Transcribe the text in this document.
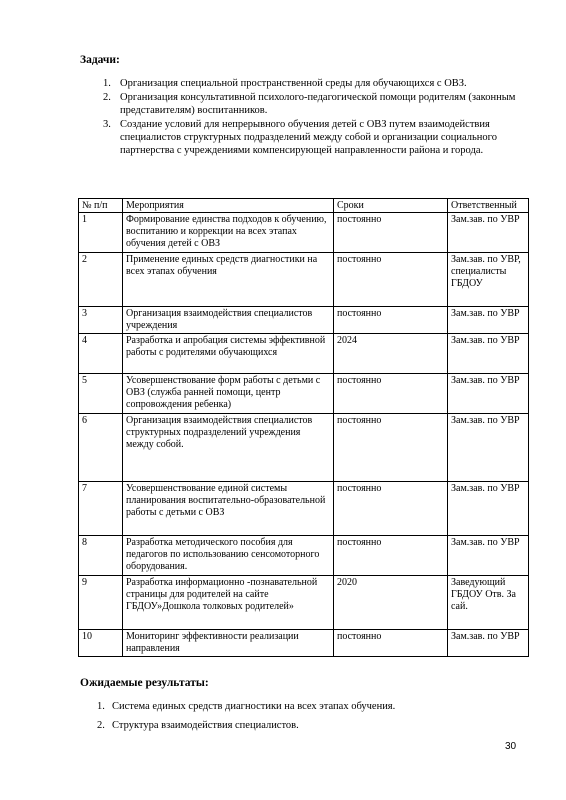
Задачи:
1. Организация специальной пространственной среды для обучающихся с ОВЗ.
2. Организация консультативной психолого-педагогической помощи родителям (законным представителям) воспитанников.
3. Создание условий для непрерывного обучения детей с ОВЗ путем взаимодействия специалистов структурных подразделений между собой и организации социального партнерства с учреждениями компенсирующей направленности района и города.
№ п/п	Мероприятия	Сроки	Ответственный
1	Формирование единства подходов к обучению, воспитанию и коррекции на всех этапах обучения детей с ОВЗ	постоянно	Зам.зав. по УВР
2	Применение единых средств диагностики на всех этапах обучения	постоянно	Зам.зав. по УВР, специалисты ГБДОУ
3	Организация взаимодействия специалистов учреждения	постоянно	Зам.зав. по УВР
4	Разработка и апробация системы эффективной работы с родителями обучающихся	2024	Зам.зав. по УВР
5	Усовершенствование форм работы с детьми с ОВЗ (служба ранней помощи, центр сопровождения ребенка)	постоянно	Зам.зав. по УВР
6	Организация взаимодействия специалистов структурных подразделений учреждения между собой.	постоянно	Зам.зав. по УВР
7	Усовершенствование единой системы планирования воспитательно-образовательной работы с детьми с ОВЗ	постоянно	Зам.зав. по УВР
8	Разработка методического пособия для педагогов по использованию сенсомоторного оборудования.	постоянно	Зам.зав. по УВР
9	Разработка информационно -познавательной страницы для родителей на сайте ГБДОУ»Дошкола толковых родителей»	2020	Заведующий ГБДОУ Отв. За сай.
10	Мониторинг эффективности реализации направления	постоянно	Зам.зав. по УВР
Ожидаемые результаты:
1. Система единых средств диагностики на всех этапах обучения.
2. Структура взаимодействия специалистов.
30
